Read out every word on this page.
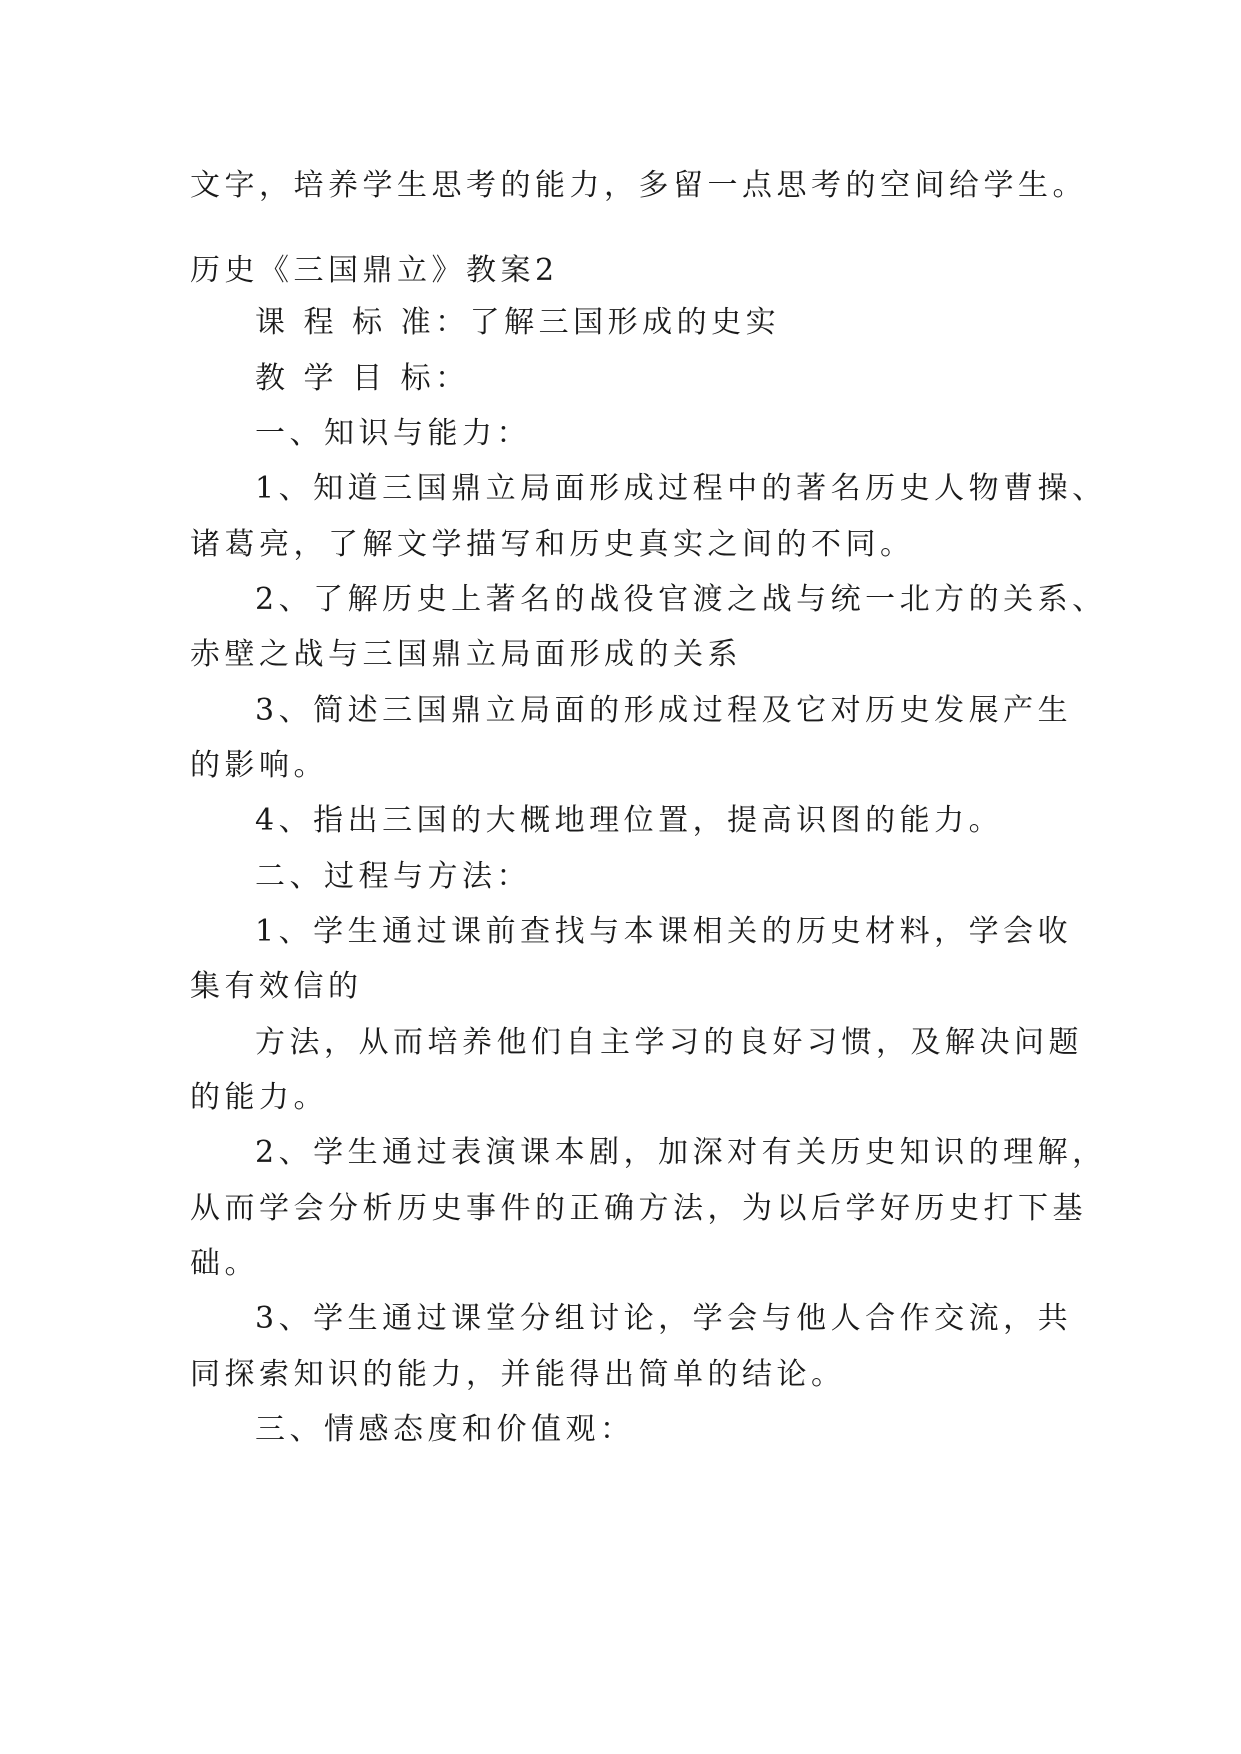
文字，培养学生思考的能力，多留一点思考的空间给学生。
历史《三国鼎立》教案2
课 程 标 准：了解三国形成的史实
教 学 目 标：
一、知识与能力：
1、知道三国鼎立局面形成过程中的著名历史人物曹操、
诸葛亮，了解文学描写和历史真实之间的不同。
2、了解历史上著名的战役官渡之战与统一北方的关系、
赤壁之战与三国鼎立局面形成的关系
3、简述三国鼎立局面的形成过程及它对历史发展产生
的影响。
4、指出三国的大概地理位置，提高识图的能力。
二、过程与方法：
1、学生通过课前查找与本课相关的历史材料，学会收
集有效信的
方法，从而培养他们自主学习的良好习惯，及解决问题
的能力。
2、学生通过表演课本剧，加深对有关历史知识的理解，
从而学会分析历史事件的正确方法，为以后学好历史打下基
础。
3、学生通过课堂分组讨论，学会与他人合作交流，共
同探索知识的能力，并能得出简单的结论。
三、情感态度和价值观：
